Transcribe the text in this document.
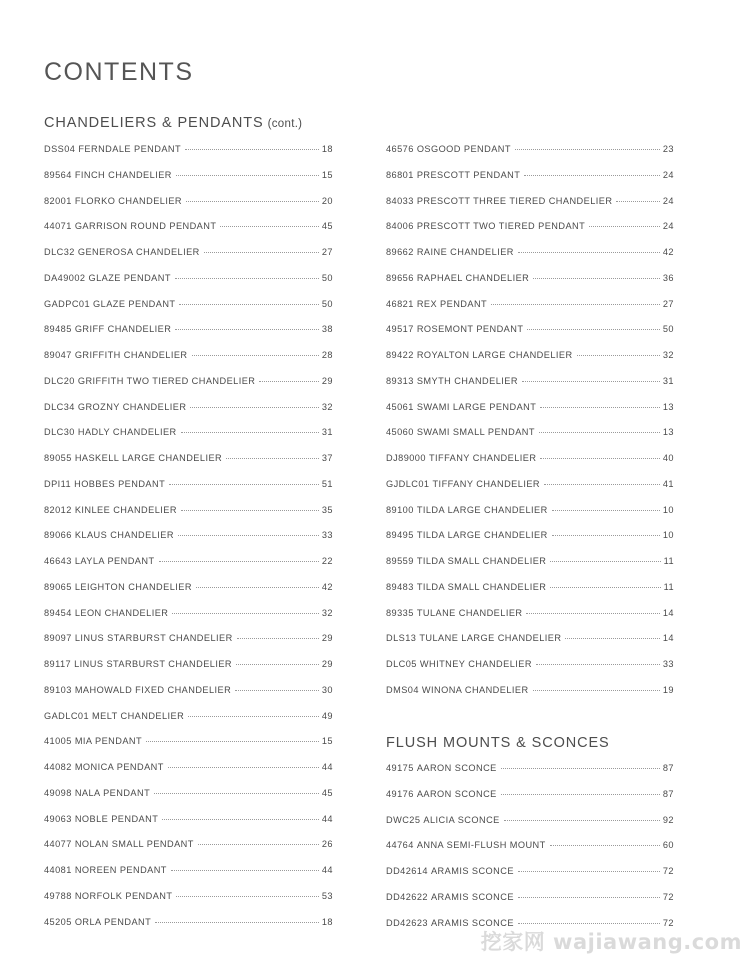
CONTENTS
CHANDELIERS & PENDANTS (cont.)
DSS04 FERNDALE PENDANT	18
89564 FINCH CHANDELIER	15
82001 FLORKO CHANDELIER	20
44071 GARRISON ROUND PENDANT	45
DLC32 GENEROSA CHANDELIER	27
DA49002 GLAZE PENDANT	50
GADPC01 GLAZE PENDANT	50
89485 GRIFF CHANDELIER	38
89047 GRIFFITH CHANDELIER	28
DLC20 GRIFFITH TWO TIERED CHANDELIER	29
DLC34 GROZNY CHANDELIER	32
DLC30 HADLY CHANDELIER	31
89055 HASKELL LARGE CHANDELIER	37
DPI11 HOBBES PENDANT	51
82012 KINLEE CHANDELIER	35
89066 KLAUS CHANDELIER	33
46643 LAYLA PENDANT	22
89065 LEIGHTON CHANDELIER	42
89454 LEON CHANDELIER	32
89097 LINUS STARBURST CHANDELIER	29
89117 LINUS STARBURST CHANDELIER	29
89103 MAHOWALD FIXED CHANDELIER	30
GADLC01 MELT CHANDELIER	49
41005 MIA PENDANT	15
44082 MONICA PENDANT	44
49098 NALA PENDANT	45
49063 NOBLE PENDANT	44
44077 NOLAN SMALL PENDANT	26
44081 NOREEN PENDANT	44
49788 NORFOLK PENDANT	53
45205 ORLA PENDANT	18
46576 OSGOOD PENDANT	23
86801 PRESCOTT PENDANT	24
84033 PRESCOTT THREE TIERED CHANDELIER	24
84006 PRESCOTT TWO TIERED PENDANT	24
89662 RAINE CHANDELIER	42
89656 RAPHAEL CHANDELIER	36
46821 REX PENDANT	27
49517 ROSEMONT PENDANT	50
89422 ROYALTON LARGE CHANDELIER	32
89313 SMYTH CHANDELIER	31
45061 SWAMI LARGE PENDANT	13
45060 SWAMI SMALL PENDANT	13
DJ89000 TIFFANY CHANDELIER	40
GJDLC01 TIFFANY CHANDELIER	41
89100 TILDA LARGE CHANDELIER	10
89495 TILDA LARGE CHANDELIER	10
89559 TILDA SMALL CHANDELIER	11
89483 TILDA SMALL CHANDELIER	11
89335 TULANE CHANDELIER	14
DLS13 TULANE LARGE CHANDELIER	14
DLC05 WHITNEY CHANDELIER	33
DMS04 WINONA CHANDELIER	19
FLUSH MOUNTS & SCONCES
49175 AARON SCONCE	87
49176 AARON SCONCE	87
DWC25 ALICIA SCONCE	92
44764 ANNA SEMI-FLUSH MOUNT	60
DD42614 ARAMIS SCONCE	72
DD42622 ARAMIS SCONCE	72
DD42623 ARAMIS SCONCE	72
挖家网 wajiawang.com
